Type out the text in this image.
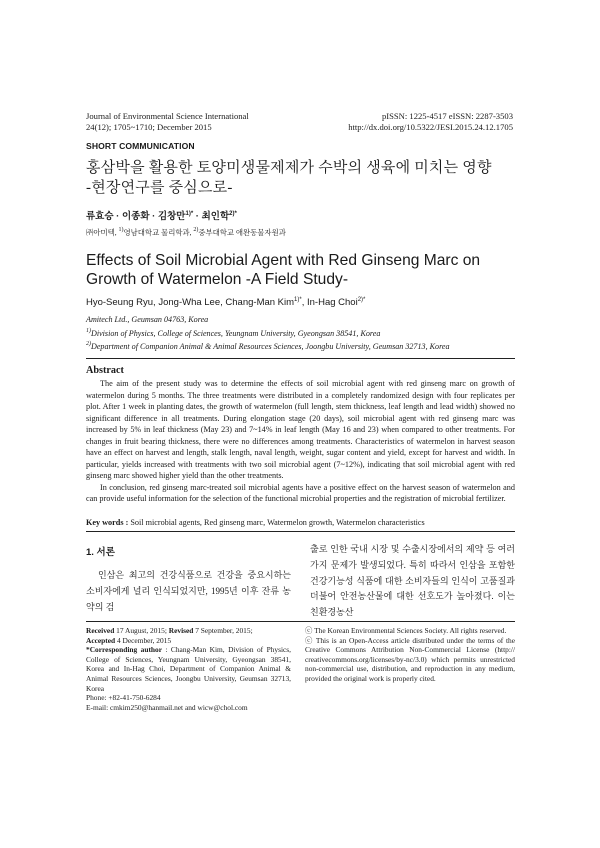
Journal of Environmental Science International
24(12); 1705~1710; December 2015
pISSN: 1225-4517 eISSN: 2287-3503
http://dx.doi.org/10.5322/JESI.2015.24.12.1705
SHORT COMMUNICATION
홍삼박을 활용한 토양미생물제제가 수박의 생육에 미치는 영향
-현장연구를 중심으로-
류효승 · 이종화 · 김창만$^{1)*}$ · 최인학$^{2)*}$
㈜아미텍, $^{1)}$영남대학교 물리학과, $^{2)}$중부대학교 애완동물자원과
Effects of Soil Microbial Agent with Red Ginseng Marc on Growth of Watermelon -A Field Study-
Hyo-Seung Ryu, Jong-Wha Lee, Chang-Man Kim$^{1)*}$, In-Hag Choi$^{2)*}$
Amitech Ltd., Geumsan 04763, Korea
$^{1)}$Division of Physics, College of Sciences, Yeungnam University, Gyeongsan 38541, Korea
$^{2)}$Department of Companion Animal & Animal Resources Sciences, Joongbu University, Geumsan 32713, Korea
Abstract

The aim of the present study was to determine the effects of soil microbial agent with red ginseng marc on growth of watermelon during 5 months. The three treatments were distributed in a completely randomized design with four replicates per plot. After 1 week in planting dates, the growth of watermelon (full length, stem thickness, leaf length and lead width) showed no significant difference in all treatments. During elongation stage (20 days), soil microbial agent with red ginseng marc was increased by 5% in leaf thickness (May 23) and 7~14% in leaf length (May 16 and 23) when compared to other treatments. For changes in fruit bearing thickness, there were no differences among treatments. Characteristics of watermelon in harvest season have an effect on harvest and length, stalk length, naval length, weight, sugar content and yield, except for harvest and width. In particular, yields increased with treatments with two soil microbial agent (7~12%), indicating that soil microbial agent with red ginseng marc showed higher yield than the other treatments.

In conclusion, red ginseng marc-treated soil microbial agents have a positive effect on the harvest season of watermelon and can provide useful information for the selection of the functional microbial properties and the registration of microbial fertilizer.

Key words : Soil microbial agents, Red ginseng marc, Watermelon growth, Watermelon characteristics
1. 서론

인삼은 최고의 건강식품으로 건강을 중요시하는 소비자에게 널리 인식되었지만, 1995년 이후 잔류 농약의 검

출로 인한 국내 시장 및 수출시장에서의 제약 등 여러가지 문제가 발생되었다. 특히 따라서 인삼을 포함한 건강기능성 식품에 대한 소비자들의 인식이 고품질과 더불어 안전농산물에 대한 선호도가 높아졌다. 이는 친환경농산

Received 17 August, 2015; Revised 7 September, 2015;

Accepted 4 December, 2015

*Corresponding author : Chang-Man Kim, Division of Physics, College of Sciences, Yeungnam University, Gyeongsan 38541, Korea and In-Hag Choi, Department of Companion Animal & Animal Resources Sciences, Joongbu University, Geumsan 32713, Korea

Phone: +82-41-750-6284

E-mail: cmkim250@hanmail.net and wicw@chol.com

ⓒ The Korean Environmental Sciences Society. All rights reserved.

ⓒ This is an Open-Access article distributed under the terms of the Creative Commons Attribution Non-Commercial License (http:// creativecommons.org/licenses/by-nc/3.0) which permits unrestricted non-commercial use, distribution, and reproduction in any medium, provided the original work is properly cited.
